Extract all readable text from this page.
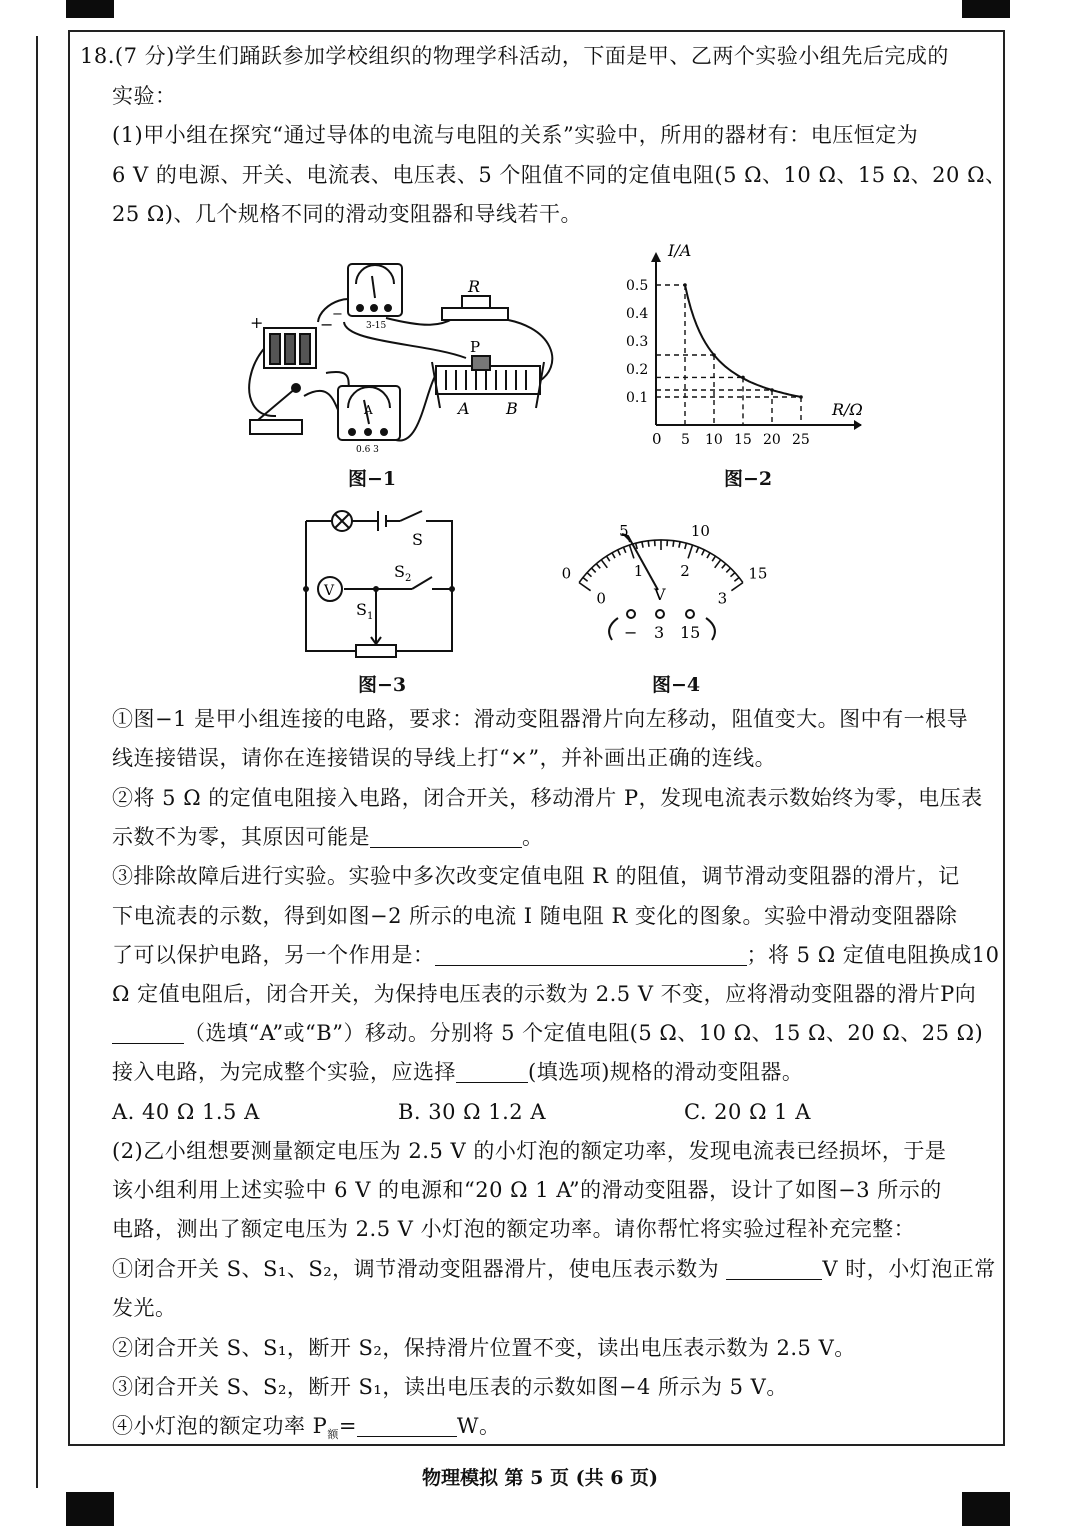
18.(7 分)学生们踊跃参加学校组织的物理学科活动，下面是甲、乙两个实验小组先后完成的
实验：
(1)甲小组在探究“通过导体的电流与电阻的关系”实验中，所用的器材有：电压恒定为
6 V 的电源、开关、电流表、电压表、5 个阻值不同的定值电阻(5 Ω、10 Ω、15 Ω、20 Ω、
25 Ω)、几个规格不同的滑动变阻器和导线若干。
+	−
−
3-15
R
P
A B
A
0.6 3
图−1
I/A
R/Ω
0
0.5
0.4
0.3
0.2
0.1
5 10 15 20 25
图−2
V
S
S 2
S 1
图−3
V
− 3 15
0
5	10
15
0
1 2
3
图−4
①图−1 是甲小组连接的电路，要求：滑动变阻器滑片向左移动，阻值变大。图中有一根导
线连接错误，请你在连接错误的导线上打“×”，并补画出正确的连线。
②将 5 Ω 的定值电阻接入电路，闭合开关，移动滑片 P，发现电流表示数始终为零，电压表
示数不为零，其原因可能是	。
③排除故障后进行实验。实验中多次改变定值电阻 R 的阻值，调节滑动变阻器的滑片，记
下电流表的示数，得到如图−2 所示的电流 I 随电阻 R 变化的图象。实验中滑动变阻器除
了可以保护电路，另一个作用是：	；将 5 Ω 定值电阻换成10
Ω 定值电阻后，闭合开关，为保持电压表的示数为 2.5 V 不变，应将滑动变阻器的滑片P向
（选填“A”或“B”）移动。分别将 5 个定值电阻(5 Ω、10 Ω、15 Ω、20 Ω、25 Ω)
接入电路，为完成整个实验，应选择	(填选项)规格的滑动变阻器。
A. 40 Ω 1.5 A	B. 30 Ω 1.2 A	C. 20 Ω 1 A
(2)乙小组想要测量额定电压为 2.5 V 的小灯泡的额定功率，发现电流表已经损坏，于是
该小组利用上述实验中 6 V 的电源和“20 Ω 1 A”的滑动变阻器，设计了如图−3 所示的
电路，测出了额定电压为 2.5 V 小灯泡的额定功率。请你帮忙将实验过程补充完整：
①闭合开关 S、S₁、S₂，调节滑动变阻器滑片，使电压表示数为	V 时，小灯泡正常
发光。
②闭合开关 S、S₁，断开 S₂，保持滑片位置不变，读出电压表示数为 2.5 V。
③闭合开关 S、S₂，断开 S₁，读出电压表的示数如图−4 所示为 5 V。
④小灯泡的额定功率 $P_额=$	W。
物理模拟 第 5 页 (共 6 页)
